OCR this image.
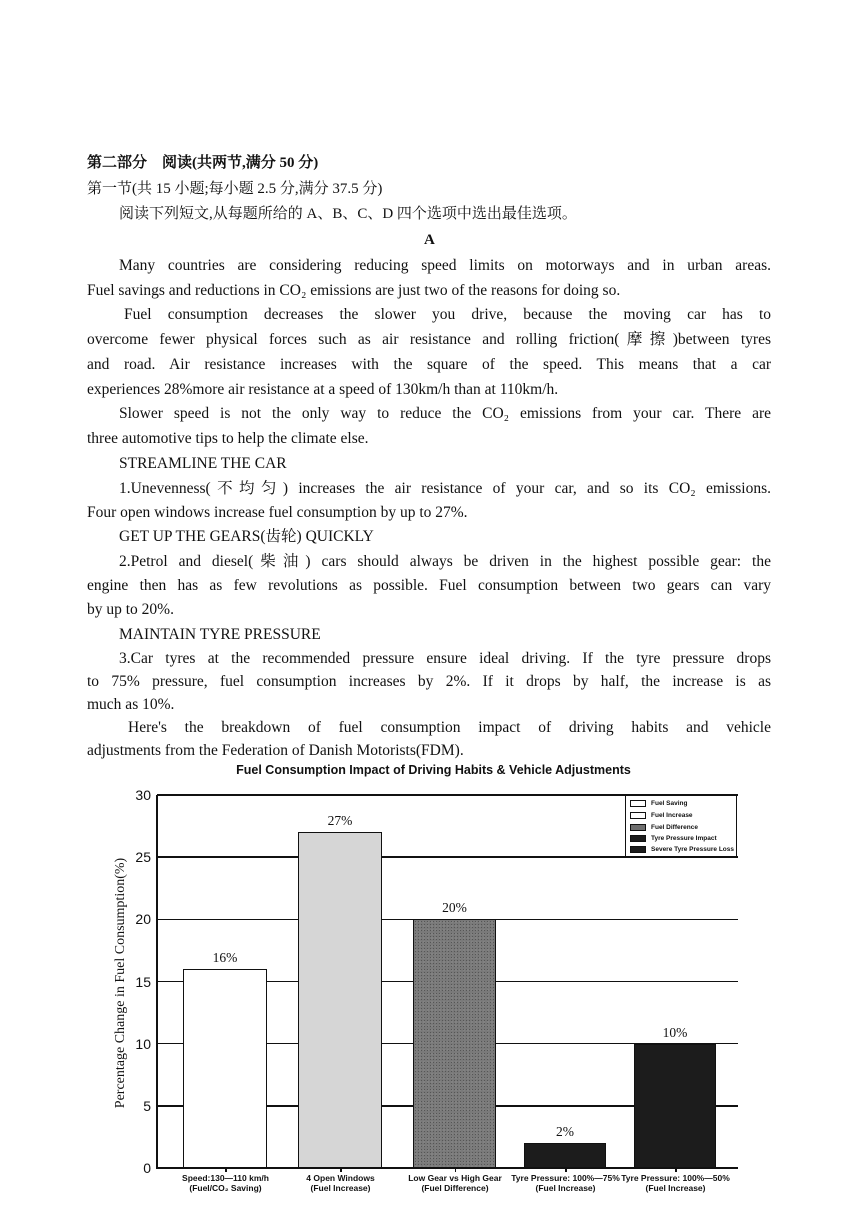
第二部分　阅读(共两节,满分 50 分)
第一节(共 15 小题;每小题 2.5 分,满分 37.5 分)
阅读下列短文,从每题所给的 A、B、C、D 四个选项中选出最佳选项。
A
Many countries are considering reducing speed limits on motorways and in urban areas.
Fuel savings and reductions in CO₂ emissions are just two of the reasons for doing so.
Fuel consumption decreases the slower you drive, because the moving car has to
overcome fewer physical forces such as air resistance and rolling friction(摩擦)between tyres
and road. Air resistance increases with the square of the speed. This means that a car
experiences 28%more air resistance at a speed of 130km/h than at 110km/h.
Slower speed is not the only way to reduce the CO₂ emissions from your car. There are
three automotive tips to help the climate else.
STREAMLINE THE CAR
1.Unevenness(不均匀) increases the air resistance of your car, and so its CO₂ emissions.
Four open windows increase fuel consumption by up to 27%.
GET UP THE GEARS(齿轮) QUICKLY
2.Petrol and diesel(柴油) cars should always be driven in the highest possible gear: the
engine then has as few revolutions as possible. Fuel consumption between two gears can vary
by up to 20%.
MAINTAIN TYRE PRESSURE
3.Car tyres at the recommended pressure ensure ideal driving. If the tyre pressure drops
to 75% pressure, fuel consumption increases by 2%. If it drops by half, the increase is as
much as 10%.
Here's the breakdown of fuel consumption impact of driving habits and vehicle
adjustments from the Federation of Danish Motorists(FDM).
Fuel Consumption Impact of Driving Habits & Vehicle Adjustments
0
5
10
15
20
25
30
Percentage Change in Fuel Consumption(%)
Fuel Saving
Fuel Increase
Fuel Difference
Tyre Pressure Impact
Severe Tyre Pressure Loss
16%
Speed:130—110 km/h
(Fuel/CO₂ Saving)
27%
4 Open Windows
(Fuel Increase)
20%
Low Gear vs High Gear
(Fuel Difference)
2%
Tyre Pressure: 100%—75%
(Fuel Increase)
10%
Tyre Pressure: 100%—50%
(Fuel Increase)
